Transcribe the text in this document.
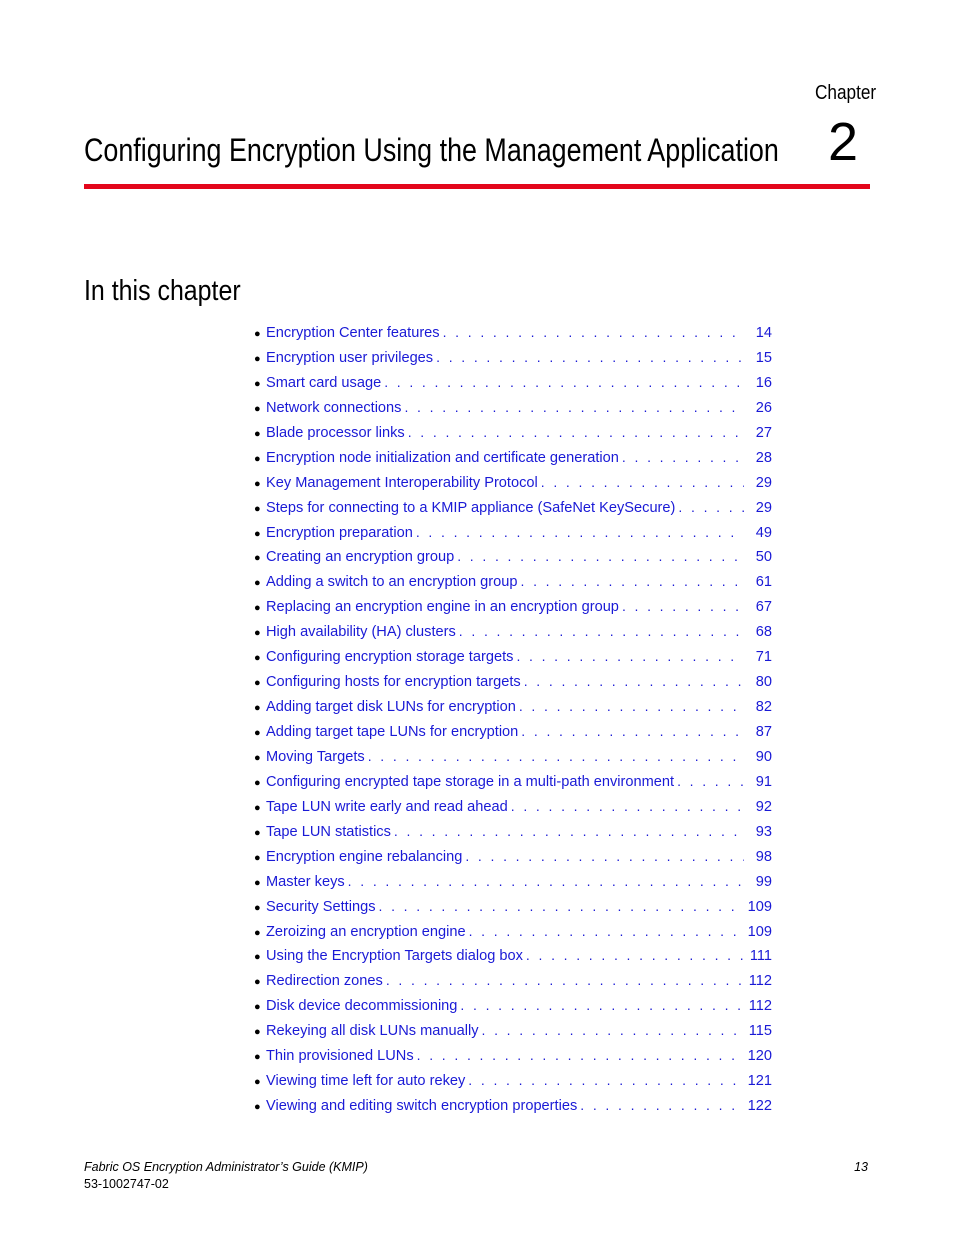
Chapter
Configuring Encryption Using the Management Application 2
In this chapter
● Encryption Center features . . .	14
● Encryption user privileges . . .	15
● Smart card usage . . .	16
● Network connections . . .	26
● Blade processor links . . .	27
● Encryption node initialization and certificate generation . . .	28
● Key Management Interoperability Protocol . . .	29
● Steps for connecting to a KMIP appliance (SafeNet KeySecure) . . .	29
● Encryption preparation . . .	49
● Creating an encryption group . . .	50
● Adding a switch to an encryption group . . .	61
● Replacing an encryption engine in an encryption group . . .	67
● High availability (HA) clusters . . .	68
● Configuring encryption storage targets . . .	71
● Configuring hosts for encryption targets . . .	80
● Adding target disk LUNs for encryption . . .	82
● Adding target tape LUNs for encryption . . .	87
● Moving Targets . . .	90
● Configuring encrypted tape storage in a multi-path environment . . .	91
● Tape LUN write early and read ahead . . .	92
● Tape LUN statistics . . .	93
● Encryption engine rebalancing . . .	98
● Master keys . . .	99
● Security Settings . . .	109
● Zeroizing an encryption engine . . .	109
● Using the Encryption Targets dialog box . . .	111
● Redirection zones . . .	112
● Disk device decommissioning . . .	112
● Rekeying all disk LUNs manually . . .	115
● Thin provisioned LUNs . . .	120
● Viewing time left for auto rekey . . .	121
● Viewing and editing switch encryption properties . . .	122
Fabric OS Encryption Administrator’s Guide (KMIP)
53-1002747-02
13
